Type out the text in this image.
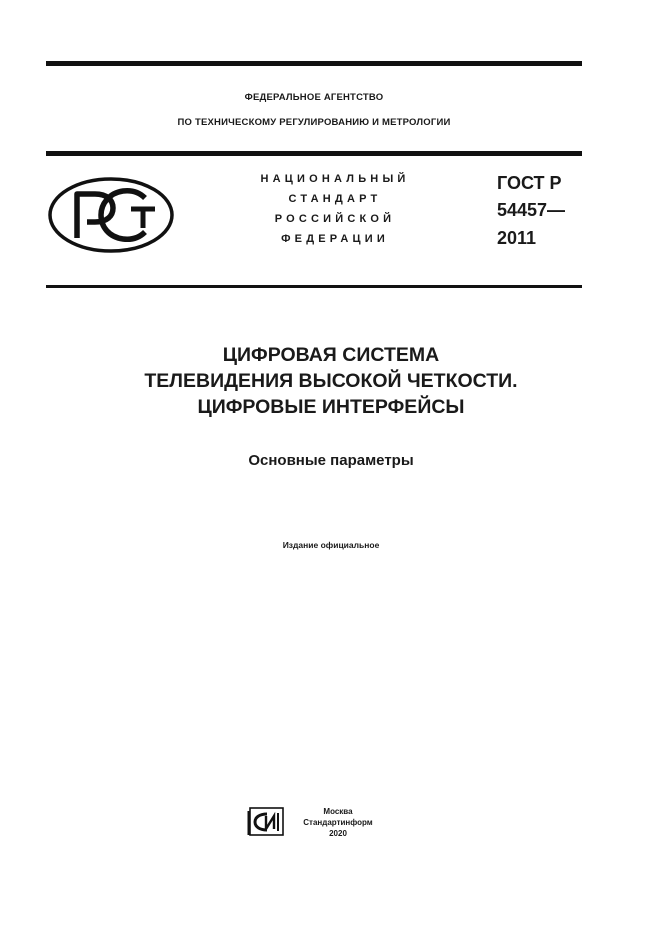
ФЕДЕРАЛЬНОЕ АГЕНТСТВО
ПО ТЕХНИЧЕСКОМУ РЕГУЛИРОВАНИЮ И МЕТРОЛОГИИ
НАЦИОНАЛЬНЫЙ
СТАНДАРТ
РОССИЙСКОЙ
ФЕДЕРАЦИИ
ГОСТ Р
54457—
2011
ЦИФРОВАЯ СИСТЕМА
ТЕЛЕВИДЕНИЯ ВЫСОКОЙ ЧЕТКОСТИ.
ЦИФРОВЫЕ ИНТЕРФЕЙСЫ
Основные параметры
Издание официальное
Москва
Стандартинформ
2020
